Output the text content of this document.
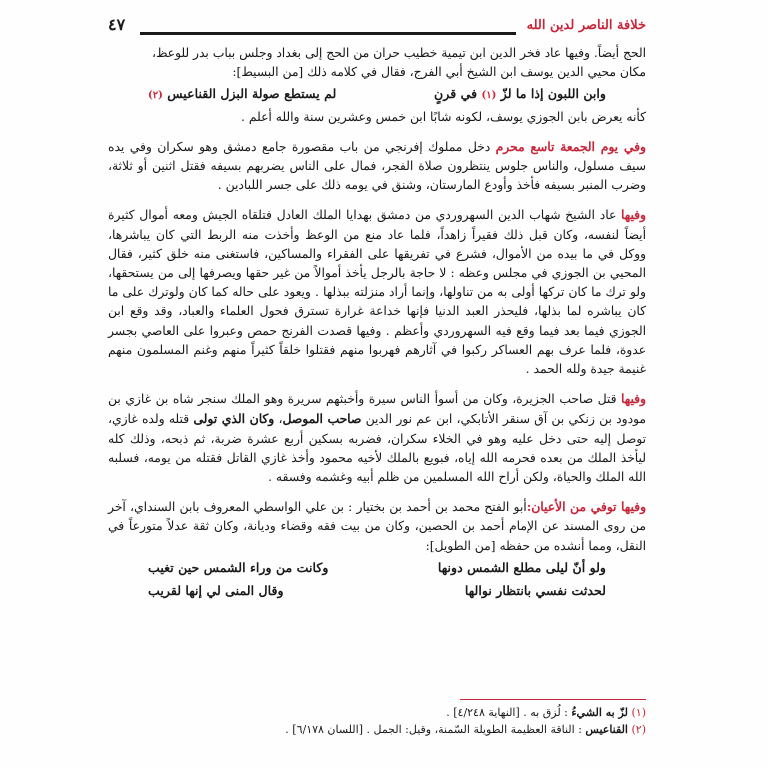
خلافة الناصر لدين الله
٤٧

الحج أيضاً. وفيها عاد فخر الدين ابن تيمية خطيب حران من الحج إلى بغداد وجلس بباب بدر للوعظ،

مكان محيي الدين يوسف ابن الشيخ أبي الفرج، فقال في كلامه ذلك [من البسيط]:

وابن اللبون إذا ما لزّ (١) في قرنٍ
لم يستطع صولة البزل القناعيس (٢)

كأنه يعرض بابن الجوزي يوسف، لكونه شابًا ابن خمس وعشرين سنة والله أعلم .

وفي يوم الجمعة تاسع محرم دخل مملوك إفرنجي من باب مقصورة جامع دمشق وهو سكران وفي يده سيف مسلول، والناس جلوس ينتظرون صلاة الفجر، فمال على الناس يضربهم بسيفه فقتل اثنين أو ثلاثة، وضرب المنبر بسيفه فأخذ وأودع المارستان، وشنق في يومه ذلك على جسر اللبادين .

وفيها عاد الشيخ شهاب الدين السهروردي من دمشق بهدايا الملك العادل فتلقاه الجيش ومعه أموال كثيرة أيضاً لنفسه، وكان قبل ذلك فقيراً زاهداً، فلما عاد منع من الوعظ وأخذت منه الربط التي كان يباشرها، ووكل في ما بيده من الأموال، فشرع في تفريقها على الفقراء والمساكين، فاستغنى منه خلق كثير، فقال المحيي بن الجوزي في مجلس وعظه : لا حاجة بالرجل يأخذ أموالاً من غير حقها ويصرفها إلى من يستحقها، ولو ترك ما كان تركها أولى به من تناولها، وإنما أراد منزلته ببذلها . ويعود على حاله كما كان ولوترك على ما كان يباشره لما بذلها، فليحذر العبد الدنيا فإنها خداعة غرارة تسترق فحول العلماء والعباد، وقد وقع ابن الجوزي فيما بعد فيما وقع فيه السهروردي وأعظم . وفيها قصدت الفرنج حمص وعبروا على العاصي بجسر عدوة، فلما عرف بهم العساكر ركبوا في آثارهم فهربوا منهم فقتلوا خلقاً كثيراً منهم وغنم المسلمون منهم غنيمة جيدة ولله الحمد .

وفيها قتل صاحب الجزيرة، وكان من أسوأ الناس سيرة وأخبثهم سريرة وهو الملك سنجر شاه بن غازي بن مودود بن زنكي بن آق سنقر الأتابكي، ابن عم نور الدين صاحب الموصل، وكان الذي تولى قتله ولده غازي، توصل إليه حتى دخل عليه وهو في الخلاء سكران، فضربه بسكين أربع عشرة ضربة، ثم ذبحه، وذلك كله ليأخذ الملك من بعده فحرمه الله إياه، فبويع بالملك لأخيه محمود وأخذ غازي القاتل فقتله من يومه، فسلبه الله الملك والحياة، ولكن أراح الله المسلمين من ظلم أبيه وغشمه وفسقه .

وفيها توفي من الأعيان:أبو الفتح محمد بن أحمد بن بختيار : بن علي الواسطي المعروف بابن السنداي، آخر من روى المسند عن الإمام أحمد بن الحصين، وكان من بيت فقه وقضاء وديانة، وكان ثقة عدلاً متورعاً في النقل، ومما أنشده من حفظه [من الطويل]:

ولو أنّ ليلى مطلع الشمس دونها
وكانت من وراء الشمس حين تغيب
لحدثت نفسي بانتظار نوالها
وقال المنى لي إنها لقريب

(١) لزّ به الشيءُ : لُزق به . [النهاية ٤/٢٤٨] .

(٢) القناعيس : الناقة العظيمة الطويلة السّمنة، وقيل: الجمل . [اللسان ٦/١٧٨] .
